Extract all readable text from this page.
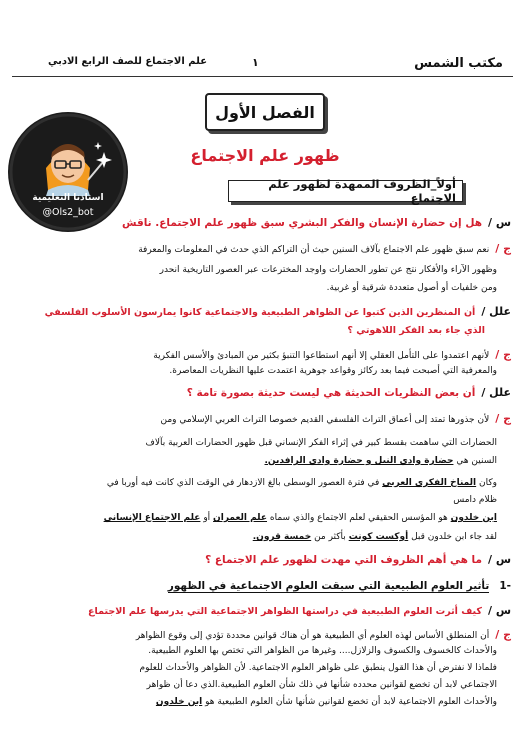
مكتب الشمس
١
علم الاجتماع للصف الرابع الادبي
استاذنا التعليمية
@Ols2_bot
الفصل الأول
ظهور علم الاجتماع
أولاً_الظروف الممهدة لظهور علم الاجتماع
س /هل إن حضارة الإنسان والفكر البشري سبق ظهور علم الاجتماع. ناقش
ج /نعم سبق ظهور علم الاجتماع بآلاف السنين حيث أن التراكم الذي حدث في المعلومات والمعرفة
وظهور الآراء والأفكار نتج عن تطور الحضارات واوجد المخترعات عبر العصور التاريخية انحدر
ومن خلفيات أو أصول متعددة شرقية أو غربية.
علل /أن المنظرين الذين كتبوا عن الظواهر الطبيعية والاجتماعية كانوا يمارسون الأسلوب الفلسفي
الذي جاء بعد الفكر اللاهوتي ؟
ج /لأنهم اعتمدوا على التأمل العقلي إلا أنهم استطاعوا التنبؤ بكثير من المبادئ والأسس الفكرية
والمعرفية التي أصبحت فيما بعد ركائز وقواعد جوهرية اعتمدت عليها النظريات المعاصرة.
علل /أن بعض النظريات الحديثة هي ليست حديثة بصورة تامة ؟
ج /لأن جذورها تمتد إلى أعماق التراث الفلسفي القديم خصوصا التراث العربي الإسلامي ومن
الحضارات التي ساهمت بقسط كبير في إثراء الفكر الإنساني قبل ظهور الحضارات العربية بآلاف
السنين هي حضارة وادي النيل و حضارة وادي الرافدين.
وكان المناخ الفكري العربي في فترة العصور الوسطى بالغ الازدهار في الوقت الذي كانت فيه أوربا في
ظلام دامس
ابن خلدون هو المؤسس الحقيقي لعلم الاجتماع والذي سماه علم العمران أو علم الاجتماع الإنساني
لقد جاء ابن خلدون قبل أوكست كونت بأكثر من خمسة قرون.
س /ما هي أهم الظروف التي مهدت لظهور علم الاجتماع ؟
-1تأثير العلوم الطبيعية التي سبقت العلوم الاجتماعية في الظهور
س /كيف أثرت العلوم الطبيعية في دراستها الظواهر الاجتماعية التي يدرسها علم الاجتماع
ج /أن المنطلق الأساس لهذه العلوم أي الطبيعية هو أن هناك قوانين محددة تؤدي إلى وقوع الظواهر
والأحداث كالخسوف والكسوف والزلازل.... وغيرها من الظواهر التي تختص بها العلوم الطبيعية.
فلماذا لا نفترض أن هذا القول ينطبق على ظواهر العلوم الاجتماعية. لأن الظواهر والأحداث للعلوم
الاجتماعي لابد أن تخضع لقوانين محدده شأنها في ذلك شأن العلوم الطبيعية.الذي دعا أن ظواهر
والأحداث العلوم الاجتماعية لابد أن تخضع لقوانين شأنها شأن العلوم الطبيعية هو ابن خلدون
